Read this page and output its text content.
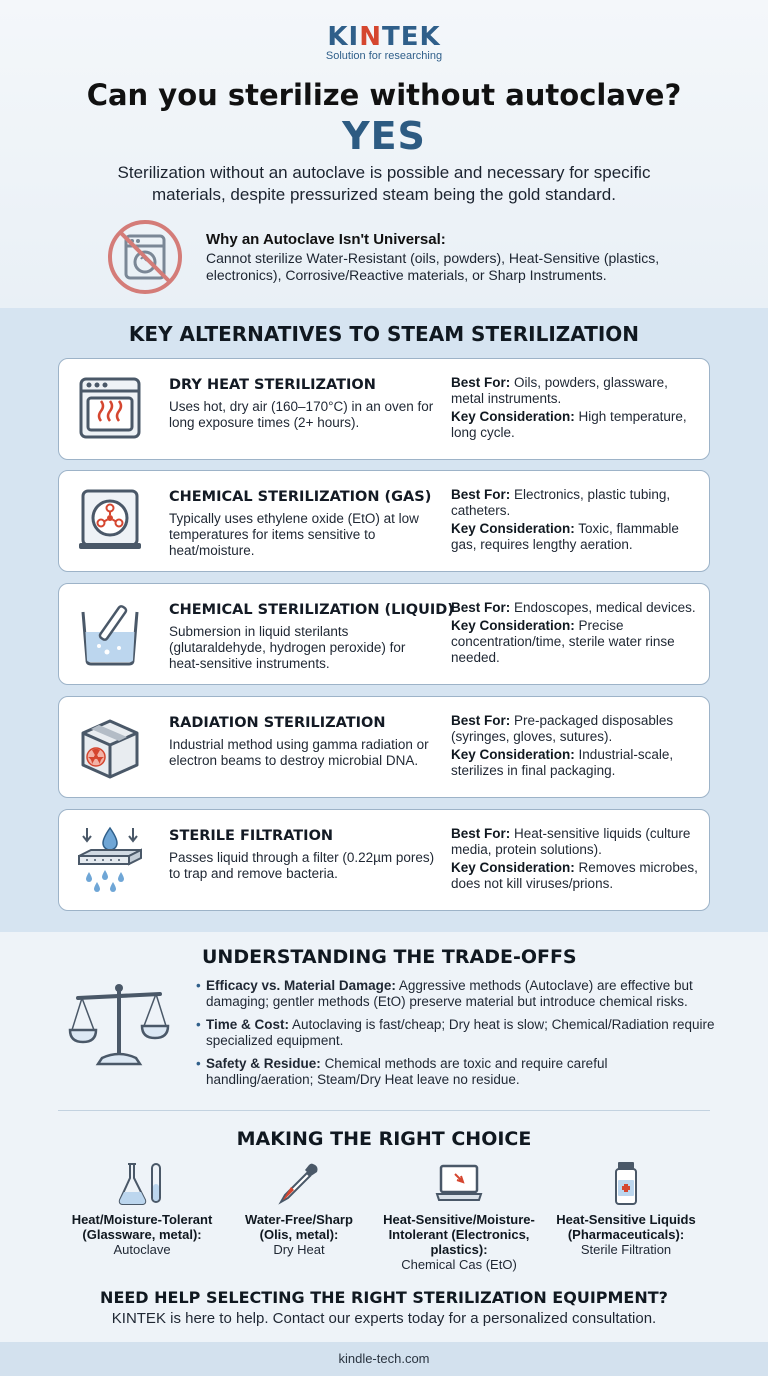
KINTEK
Solution for researching
Can you sterilize without autoclave?
YES

Sterilization without an autoclave is possible and necessary for specific materials, despite pressurized steam being the gold standard.

Why an Autoclave Isn't Universal:
Cannot sterilize Water-Resistant (oils, powders), Heat-Sensitive (plastics, electronics), Corrosive/Reactive materials, or Sharp Instruments.
KEY ALTERNATIVES TO STEAM STERILIZATION
DRY HEAT STERILIZATION
Uses hot, dry air (160–170°C) in an oven for long exposure times (2+ hours).

Best For: Oils, powders, glassware, metal instruments.

Key Consideration: High temperature, long cycle.

CHEMICAL STERILIZATION (GAS)
Typically uses ethylene oxide (EtO) at low temperatures for items sensitive to heat/moisture.

Best For: Electronics, plastic tubing, catheters.

Key Consideration: Toxic, flammable gas, requires lengthy aeration.

CHEMICAL STERILIZATION (LIQUID)
Submersion in liquid sterilants (glutaraldehyde, hydrogen peroxide) for heat-sensitive instruments.

Best For: Endoscopes, medical devices.

Key Consideration: Precise concentration/time, sterile water rinse needed.

RADIATION STERILIZATION
Industrial method using gamma radiation or electron beams to destroy microbial DNA.

Best For: Pre-packaged disposables (syringes, gloves, sutures).

Key Consideration: Industrial-scale, sterilizes in final packaging.

STERILE FILTRATION
Passes liquid through a filter (0.22µm pores) to trap and remove bacteria.

Best For: Heat-sensitive liquids (culture media, protein solutions).

Key Consideration: Removes microbes, does not kill viruses/prions.

UNDERSTANDING THE TRADE-OFFS
• Efficacy vs. Material Damage: Aggressive methods (Autoclave) are effective but damaging; gentler methods (EtO) preserve material but introduce chemical risks.
• Time & Cost: Autoclaving is fast/cheap; Dry heat is slow; Chemical/Radiation require specialized equipment.
• Safety & Residue: Chemical methods are toxic and require careful handling/aeration; Steam/Dry Heat leave no residue.
MAKING THE RIGHT CHOICE
Heat/Moisture-Tolerant (Glassware, metal):
Autoclave
Water-Free/Sharp (Olis, metal):
Dry Heat
Heat-Sensitive/Moisture-Intolerant (Electronics, plastics):
Chemical Cas (EtO)
Heat-Sensitive Liquids (Pharmaceuticals):
Sterile Filtration
NEED HELP SELECTING THE RIGHT STERILIZATION EQUIPMENT?
KINTEK is here to help. Contact our experts today for a personalized consultation.
kindle-tech.com
